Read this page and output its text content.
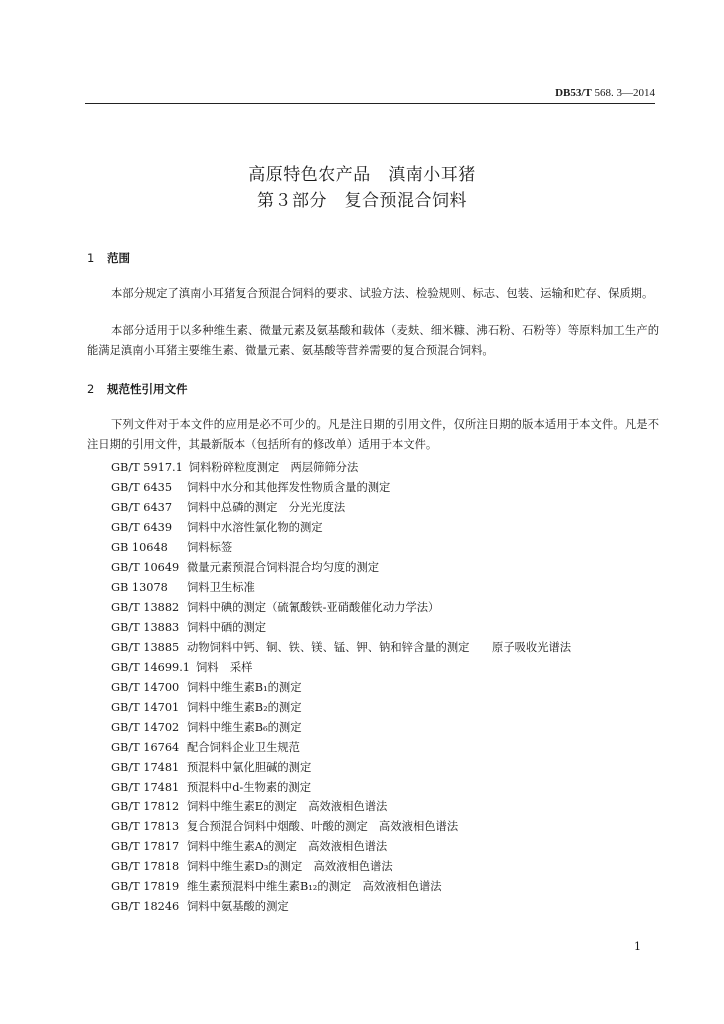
DB53/T 568. 3—2014
高原特色农产品　滇南小耳猪
第３部分　复合预混合饲料
1 范围

本部分规定了滇南小耳猪复合预混合饲料的要求、试验方法、检验规则、标志、包装、运输和贮存、保质期。

本部分适用于以多种维生素、微量元素及氨基酸和载体（麦麸、细米糠、沸石粉、石粉等）等原料加工生产的能满足滇南小耳猪主要维生素、微量元素、氨基酸等营养需要的复合预混合饲料。

2 规范性引用文件

下列文件对于本文件的应用是必不可少的。凡是注日期的引用文件，仅所注日期的版本适用于本文件。凡是不注日期的引用文件，其最新版本（包括所有的修改单）适用于本文件。

GB/T 5917.1 饲料粉碎粒度测定　两层筛筛分法
GB/T 6435 饲料中水分和其他挥发性物质含量的测定
GB/T 6437 饲料中总磷的测定　分光光度法
GB/T 6439 饲料中水溶性氯化物的测定
GB 10648 饲料标签
GB/T 10649 微量元素预混合饲料混合均匀度的测定
GB 13078 饲料卫生标准
GB/T 13882 饲料中碘的测定（硫氰酸铁-亚硝酸催化动力学法）
GB/T 13883 饲料中硒的测定
GB/T 13885 动物饲料中钙、铜、铁、镁、锰、钾、钠和锌含量的测定　　原子吸收光谱法
GB/T 14699.1 饲料　采样
GB/T 14700 饲料中维生素B₁的测定
GB/T 14701 饲料中维生素B₂的测定
GB/T 14702 饲料中维生素B₆的测定
GB/T 16764 配合饲料企业卫生规范
GB/T 17481 预混料中氯化胆碱的测定
GB/T 17481 预混料中d-生物素的测定
GB/T 17812 饲料中维生素E的测定　高效液相色谱法
GB/T 17813 复合预混合饲料中烟酸、叶酸的测定　高效液相色谱法
GB/T 17817 饲料中维生素A的测定　高效液相色谱法
GB/T 17818 饲料中维生素D₃的测定　高效液相色谱法
GB/T 17819 维生素预混料中维生素B₁₂的测定　高效液相色谱法
GB/T 18246 饲料中氨基酸的测定
1
